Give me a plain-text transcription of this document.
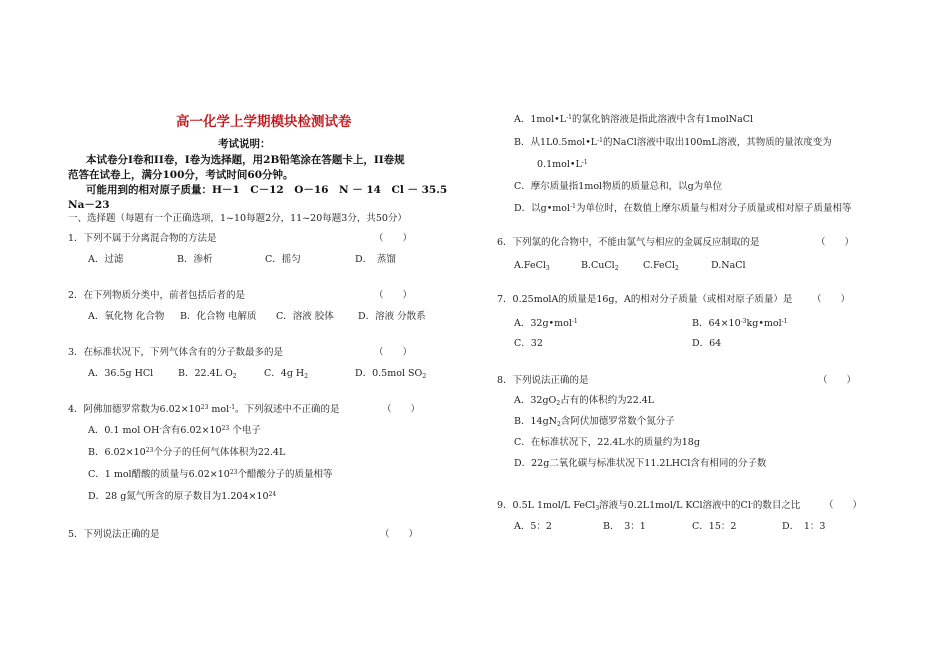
高一化学上学期模块检测试卷
考试说明：
本试卷分Ⅰ卷和II卷，I卷为选择题，用2B铅笔涂在答题卡上，II卷规
范答在试卷上，满分100分，考试时间60分钟。
可能用到的相对原子质量：H－1　C－12　O－16　N － 14　Cl － 35.5
Na－23
一、选择题（每题有一个正确选项，1~10每题2分，11~20每题3分，共50分）
1．下列不属于分离混合物的方法是	（　　）
A．过滤	B．渗析	C．摇匀	D．　蒸馏
2．在下列物质分类中，前者包括后者的是	（　　）
A．氧化物 化合物 B．化合物 电解质 C．溶液 胶体	D．溶液 分散系
3．在标准状况下，下列气体含有的分子数最多的是	（　　）
A．36.5g HCl	B．22.4L $O_2$	C．4g $H_2$	D．0.5mol $SO_2$
4．阿佛加德罗常数为$6.02\times 10^{23}$ mol$^{-1}$。下列叙述中不正确的是	（　　）
A．0.1 mol OH-含有$6.02\times 10^{23}$ 个电子
B．$6.02\times 10^{23}$个分子的任何气体体积为22.4L
C．1 mol醋酸的质量与$6.02\times 10^{23}$个醋酸分子的质量相等
D．28 g氮气所含的原子数目为$1.204\times 10^{24}$
5．下列说法正确的是	（　　）
A．$1mol•L^{-1}$的氯化钠溶液是指此溶液中含有1molNaCl
B．从$1L0.5mol•L^{-1}$的NaCl溶液中取出100mL溶液，其物质的量浓度变为
$0.1mol•L^{-1}$
C．摩尔质量指1mol物质的质量总和，以g为单位
D．以g•mol$^{-1}$为单位时，在数值上摩尔质量与相对分子质量或相对原子质量相等
6．下列氯的化合物中，不能由氯气与相应的金属反应制取的是	（　　）
A.FeCl$_3$	B.CuCl$_2$	C.FeCl$_2$	D.NaCl
7．0.25molA的质量是16g，A的相对分子质量（或相对原子质量）是 （　　）
A．32g•mol$^{-1}$	B．$64\times 10^{-3}kg•mol^{-1}$
C．32	D．64
8．下列说法正确的是	（　　）
A．$32gO_2$占有的体积约为22.4L
B．$14gN_2$含阿伏加德罗常数个氮分子
C．在标准状况下，22.4L水的质量约为18g
D．22g二氧化碳与标准状况下11.2LHCl含有相同的分子数
9．0.5L 1mol/L FeCl$_3$溶液与0.2L1mol/L KCl溶液中的Cl-的数目之比 （　　）
A．5：2	B．　3：1	C．15：2	D．　1：3
